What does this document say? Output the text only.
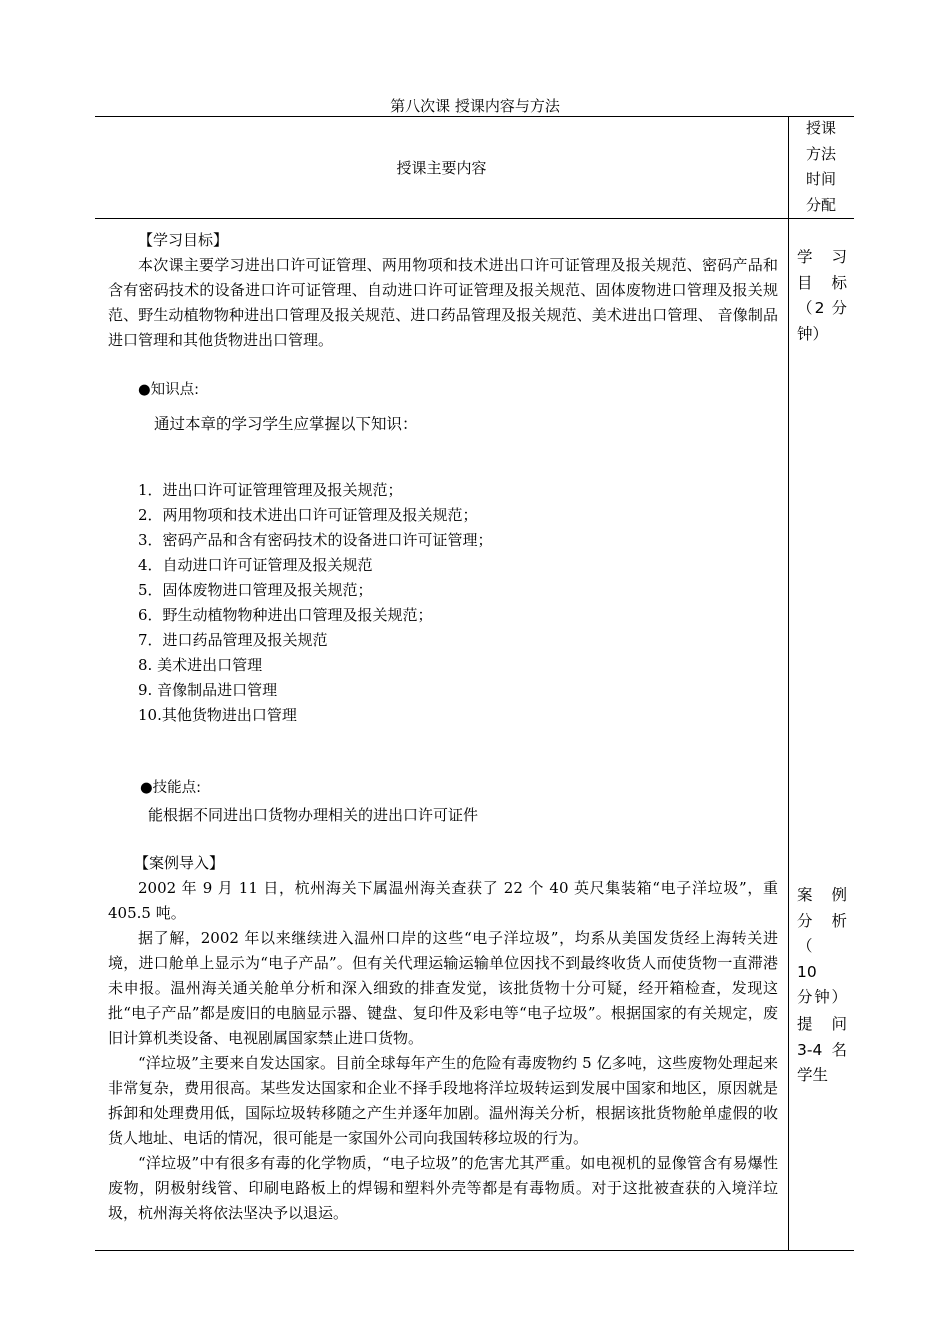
第八次课 授课内容与方法
授课主要内容
授课
方法
时间
分配

【学习目标】

本次课主要学习进出口许可证管理、两用物项和技术进出口许可证管理及报关规范、密码产品和含有密码技术的设备进口许可证管理、自动进口许可证管理及报关规范、固体废物进口管理及报关规范、野生动植物物种进出口管理及报关规范、进口药品管理及报关规范、美术进出口管理、 音像制品进口管理和其他货物进出口管理。

●知识点:

通过本章的学习学生应掌握以下知识：

1．进出口许可证管理管理及报关规范；
2．两用物项和技术进出口许可证管理及报关规范；
3．密码产品和含有密码技术的设备进口许可证管理；
4．自动进口许可证管理及报关规范
5．固体废物进口管理及报关规范；
6．野生动植物物种进出口管理及报关规范；
7．进口药品管理及报关规范
8. 美术进出口管理
9. 音像制品进口管理
10.其他货物进出口管理

●技能点:

能根据不同进出口货物办理相关的进出口许可证件

【案例导入】

2002 年 9 月 11 日，杭州海关下属温州海关查获了 22 个 40 英尺集装箱“电子洋垃圾”，重 405.5 吨。

据了解，2002 年以来继续进入温州口岸的这些“电子洋垃圾”，均系从美国发货经上海转关进境，进口舱单上显示为“电子产品”。但有关代理运输运输单位因找不到最终收货人而使货物一直滞港未申报。温州海关通关舱单分析和深入细致的排查发觉，该批货物十分可疑，经开箱检查，发现这批“电子产品”都是废旧的电脑显示器、键盘、复印件及彩电等“电子垃圾”。根据国家的有关规定，废旧计算机类设备、电视剧属国家禁止进口货物。

“洋垃圾”主要来自发达国家。目前全球每年产生的危险有毒废物约 5 亿多吨，这些废物处理起来非常复杂，费用很高。某些发达国家和企业不择手段地将洋垃圾转运到发展中国家和地区，原因就是拆卸和处理费用低，国际垃圾转移随之产生并逐年加剧。温州海关分析，根据该批货物舱单虚假的收货人地址、电话的情况，很可能是一家国外公司向我国转移垃圾的行为。

“洋垃圾”中有很多有毒的化学物质，“电子垃圾”的危害尤其严重。如电视机的显像管含有易爆性废物，阴极射线管、印刷电路板上的焊锡和塑料外壳等都是有毒物质。对于这批被查获的入境洋垃圾，杭州海关将依法坚决予以退运。

学　习
目　标
（2 分
钟）
案　例
分　析
（　10
分钟）
提　问
3-4 名
学生
